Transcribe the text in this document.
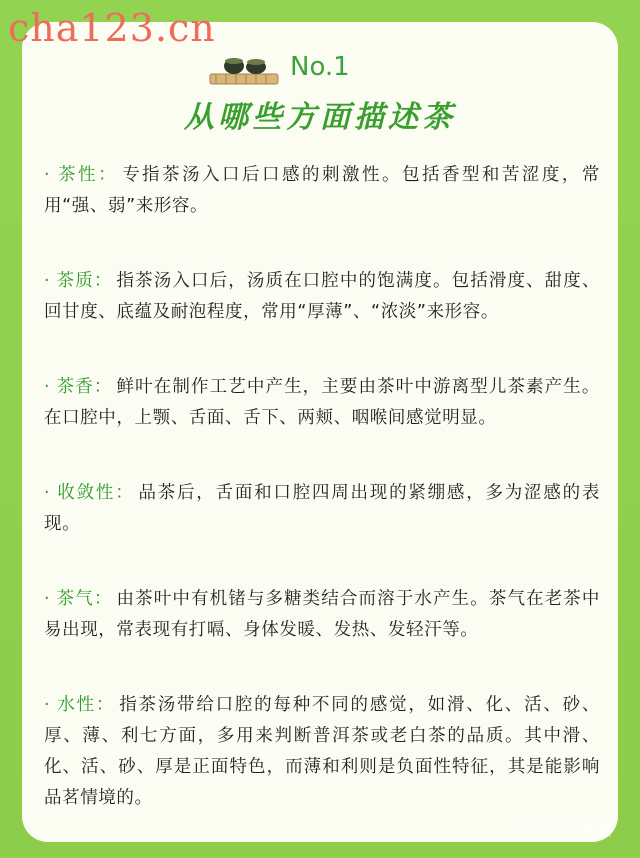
cha123.cn
No.1
从哪些方面描述茶
· 茶性： 专指茶汤入口后口感的刺激性。包括香型和苦涩度，常用“强、弱”来形容。
· 茶质： 指茶汤入口后，汤质在口腔中的饱满度。包括滑度、甜度、回甘度、底蕴及耐泡程度，常用“厚薄”、“浓淡”来形容。
· 茶香： 鲜叶在制作工艺中产生，主要由茶叶中游离型儿茶素产生。在口腔中，上颚、舌面、舌下、两颊、咽喉间感觉明显。
· 收敛性： 品茶后，舌面和口腔四周出现的紧绷感，多为涩感的表现。
· 茶气： 由茶叶中有机锗与多糖类结合而溶于水产生。茶气在老茶中易出现，常表现有打嗝、身体发暖、发热、发轻汗等。
· 水性： 指茶汤带给口腔的每种不同的感觉，如滑、化、活、砂、厚、薄、利七方面，多用来判断普洱茶或老白茶的品质。其中滑、化、活、砂、厚是正面特色，而薄和利则是负面性特征，其是能影响品茗情境的。
头条 @金秀慧
